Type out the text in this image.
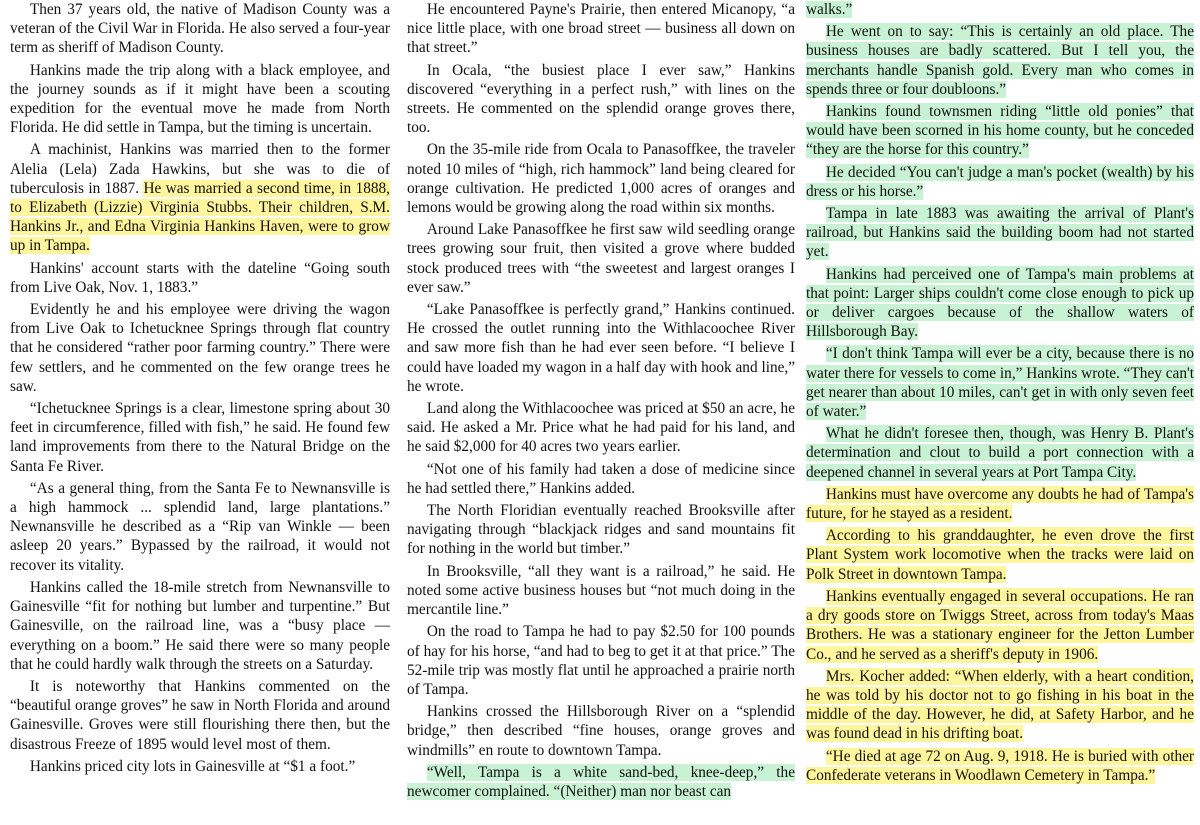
Then 37 years old, the native of Madison County was a veteran of the Civil War in Florida. He also served a four-year term as sheriff of Madison County.

Hankins made the trip along with a black employee, and the journey sounds as if it might have been a scouting expedition for the eventual move he made from North Florida. He did settle in Tampa, but the timing is uncertain.

A machinist, Hankins was married then to the former Alelia (Lela) Zada Hawkins, but she was to die of tuberculosis in 1887. He was married a second time, in 1888, to Elizabeth (Lizzie) Virginia Stubbs. Their children, S.M. Hankins Jr., and Edna Virginia Hankins Haven, were to grow up in Tampa.

Hankins' account starts with the dateline “Going south from Live Oak, Nov. 1, 1883.”

Evidently he and his employee were driving the wagon from Live Oak to Ichetucknee Springs through flat country that he considered “rather poor farming country.” There were few settlers, and he commented on the few orange trees he saw.

“Ichetucknee Springs is a clear, limestone spring about 30 feet in circumference, filled with fish,” he said. He found few land improvements from there to the Natural Bridge on the Santa Fe River.

“As a general thing, from the Santa Fe to Newnansville is a high hammock ... splendid land, large plantations.” Newnansville he described as a “Rip van Winkle — been asleep 20 years.” Bypassed by the railroad, it would not recover its vitality.

Hankins called the 18-mile stretch from Newnansville to Gainesville “fit for nothing but lumber and turpentine.” But Gainesville, on the railroad line, was a “busy place — everything on a boom.” He said there were so many people that he could hardly walk through the streets on a Saturday.

It is noteworthy that Hankins commented on the “beautiful orange groves” he saw in North Florida and around Gainesville. Groves were still flourishing there then, but the disastrous Freeze of 1895 would level most of them.

Hankins priced city lots in Gainesville at “$1 a foot.”

He encountered Payne's Prairie, then entered Micanopy, “a nice little place, with one broad street — business all down on that street.”

In Ocala, “the busiest place I ever saw,” Hankins discovered “everything in a perfect rush,” with lines on the streets. He commented on the splendid orange groves there, too.

On the 35-mile ride from Ocala to Panasoffkee, the traveler noted 10 miles of “high, rich hammock” land being cleared for orange cultivation. He predicted 1,000 acres of oranges and lemons would be growing along the road within six months.

Around Lake Panasoffkee he first saw wild seedling orange trees growing sour fruit, then visited a grove where budded stock produced trees with “the sweetest and largest oranges I ever saw.”

“Lake Panasoffkee is perfectly grand,” Hankins continued. He crossed the outlet running into the Withlacoochee River and saw more fish than he had ever seen before. “I believe I could have loaded my wagon in a half day with hook and line,” he wrote.

Land along the Withlacoochee was priced at $50 an acre, he said. He asked a Mr. Price what he had paid for his land, and he said $2,000 for 40 acres two years earlier.

“Not one of his family had taken a dose of medicine since he had settled there,” Hankins added.

The North Floridian eventually reached Brooksville after navigating through “blackjack ridges and sand mountains fit for nothing in the world but timber.”

In Brooksville, “all they want is a railroad,” he said. He noted some active business houses but “not much doing in the mercantile line.”

On the road to Tampa he had to pay $2.50 for 100 pounds of hay for his horse, “and had to beg to get it at that price.” The 52-mile trip was mostly flat until he approached a prairie north of Tampa.

Hankins crossed the Hillsborough River on a “splendid bridge,” then described “fine houses, orange groves and windmills” en route to downtown Tampa.

“Well, Tampa is a white sand-bed, knee-deep,” the newcomer complained. “(Neither) man nor beast can

walks.”

He went on to say: “This is certainly an old place. The business houses are badly scattered. But I tell you, the merchants handle Spanish gold. Every man who comes in spends three or four doubloons.”

Hankins found townsmen riding “little old ponies” that would have been scorned in his home county, but he conceded “they are the horse for this country.”

He decided “You can't judge a man's pocket (wealth) by his dress or his horse.”

Tampa in late 1883 was awaiting the arrival of Plant's railroad, but Hankins said the building boom had not started yet.

Hankins had perceived one of Tampa's main problems at that point: Larger ships couldn't come close enough to pick up or deliver cargoes because of the shallow waters of Hillsborough Bay.

“I don't think Tampa will ever be a city, because there is no water there for vessels to come in,” Hankins wrote. “They can't get nearer than about 10 miles, can't get in with only seven feet of water.”

What he didn't foresee then, though, was Henry B. Plant's determination and clout to build a port connection with a deepened channel in several years at Port Tampa City.

Hankins must have overcome any doubts he had of Tampa's future, for he stayed as a resident.

According to his granddaughter, he even drove the first Plant System work locomotive when the tracks were laid on Polk Street in downtown Tampa.

Hankins eventually engaged in several occupations. He ran a dry goods store on Twiggs Street, across from today's Maas Brothers. He was a stationary engineer for the Jetton Lumber Co., and he served as a sheriff's deputy in 1906.

Mrs. Kocher added: “When elderly, with a heart condition, he was told by his doctor not to go fishing in his boat in the middle of the day. However, he did, at Safety Harbor, and he was found dead in his drifting boat.

“He died at age 72 on Aug. 9, 1918. He is buried with other Confederate veterans in Woodlawn Cemetery in Tampa.”
